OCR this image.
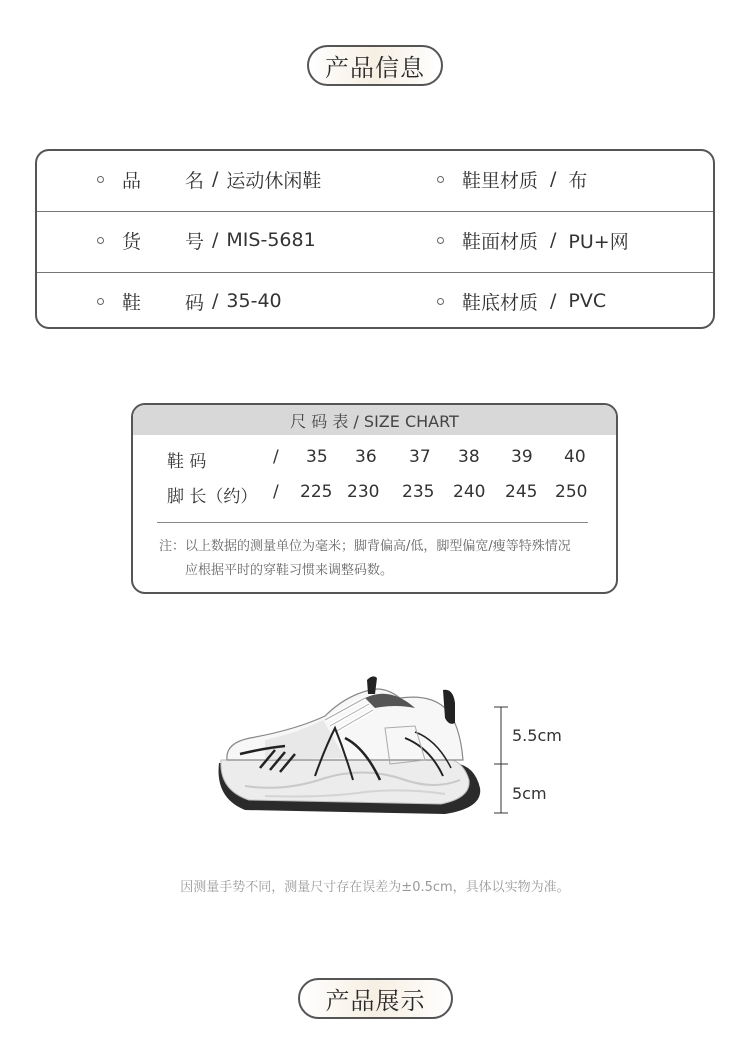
产品信息
品 名 / 运动休闲鞋	鞋里材质 / 布
货 号 / MIS-5681	鞋面材质 / PU+网
鞋 码 / 35-40	鞋底材质 / PVC
尺 码 表 / SIZE CHART
鞋 码	/ 35 36 37 38 39 40
脚 长（约） / 225 230 235 240 245 250
注：以上数据的测量单位为毫米；脚背偏高/低，脚型偏宽/瘦等特殊情况
应根据平时的穿鞋习惯来调整码数。
5.5cm
5cm
因测量手势不同，测量尺寸存在误差为±0.5cm，具体以实物为准。
产品展示
